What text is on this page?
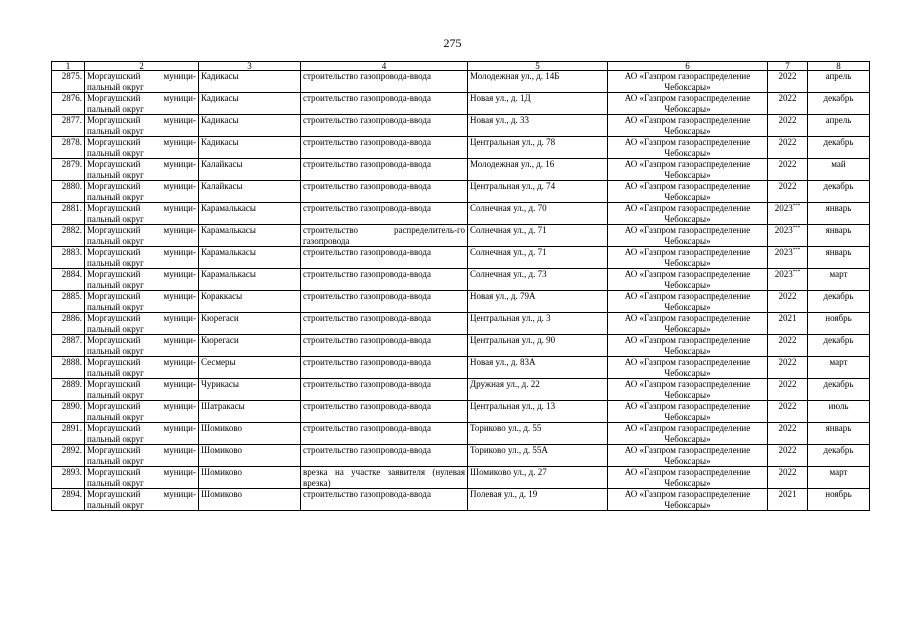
275
1	2	3	4	5	6	7	8
2875.	Моргаушский муници-пальный округ	Кадикасы	строительство газопровода-ввода	Молодежная ул., д. 14Б	АО «Газпром газораспределение Чебоксары»	2022	апрель
2876.	Моргаушский муници-пальный округ	Кадикасы	строительство газопровода-ввода	Новая ул., д. 1Д	АО «Газпром газораспределение Чебоксары»	2022	декабрь
2877.	Моргаушский муници-пальный округ	Кадикасы	строительство газопровода-ввода	Новая ул., д. 33	АО «Газпром газораспределение Чебоксары»	2022	апрель
2878.	Моргаушский муници-пальный округ	Кадикасы	строительство газопровода-ввода	Центральная ул., д. 78	АО «Газпром газораспределение Чебоксары»	2022	декабрь
2879.	Моргаушский муници-пальный округ	Калайкасы	строительство газопровода-ввода	Молодежная ул., д. 16	АО «Газпром газораспределение Чебоксары»	2022	май
2880.	Моргаушский муници-пальный округ	Калайкасы	строительство газопровода-ввода	Центральная ул., д. 74	АО «Газпром газораспределение Чебоксары»	2022	декабрь
2881.	Моргаушский муници-пальный округ	Карамалькасы	строительство газопровода-ввода	Солнечная ул., д. 70	АО «Газпром газораспределение Чебоксары»	2023***	январь
2882.	Моргаушский муници-пальный округ	Карамалькасы	строительство распределитель-го газопровода	Солнечная ул., д. 71	АО «Газпром газораспределение Чебоксары»	2023***	январь
2883.	Моргаушский муници-пальный округ	Карамалькасы	строительство газопровода-ввода	Солнечная ул., д. 71	АО «Газпром газораспределение Чебоксары»	2023***	январь
2884.	Моргаушский муници-пальный округ	Карамалькасы	строительство газопровода-ввода	Солнечная ул., д. 73	АО «Газпром газораспределение Чебоксары»	2023***	март
2885.	Моргаушский муници-пальный округ	Кораккасы	строительство газопровода-ввода	Новая ул., д. 79А	АО «Газпром газораспределение Чебоксары»	2022	декабрь
2886.	Моргаушский муници-пальный округ	Кюрегаси	строительство газопровода-ввода	Центральная ул., д. 3	АО «Газпром газораспределение Чебоксары»	2021	ноябрь
2887.	Моргаушский муници-пальный округ	Кюрегаси	строительство газопровода-ввода	Центральная ул., д. 90	АО «Газпром газораспределение Чебоксары»	2022	декабрь
2888.	Моргаушский муници-пальный округ	Сесмеры	строительство газопровода-ввода	Новая ул., д. 83А	АО «Газпром газораспределение Чебоксары»	2022	март
2889.	Моргаушский муници-пальный округ	Чурикасы	строительство газопровода-ввода	Дружная ул., д. 22	АО «Газпром газораспределение Чебоксары»	2022	декабрь
2890.	Моргаушский муници-пальный округ	Шатракасы	строительство газопровода-ввода	Центральная ул., д. 13	АО «Газпром газораспределение Чебоксары»	2022	июль
2891.	Моргаушский муници-пальный округ	Шомиково	строительство газопровода-ввода	Ториково ул., д. 55	АО «Газпром газораспределение Чебоксары»	2022	январь
2892.	Моргаушский муници-пальный округ	Шомиково	строительство газопровода-ввода	Ториково ул., д. 55А	АО «Газпром газораспределение Чебоксары»	2022	декабрь
2893.	Моргаушский муници-пальный округ	Шомиково	врезка на участке заявителя (нулевая врезка)	Шомиково ул., д. 27	АО «Газпром газораспределение Чебоксары»	2022	март
2894.	Моргаушский муници-пальный округ	Шомиково	строительство газопровода-ввода	Полевая ул., д. 19	АО «Газпром газораспределение Чебоксары»	2021	ноябрь
